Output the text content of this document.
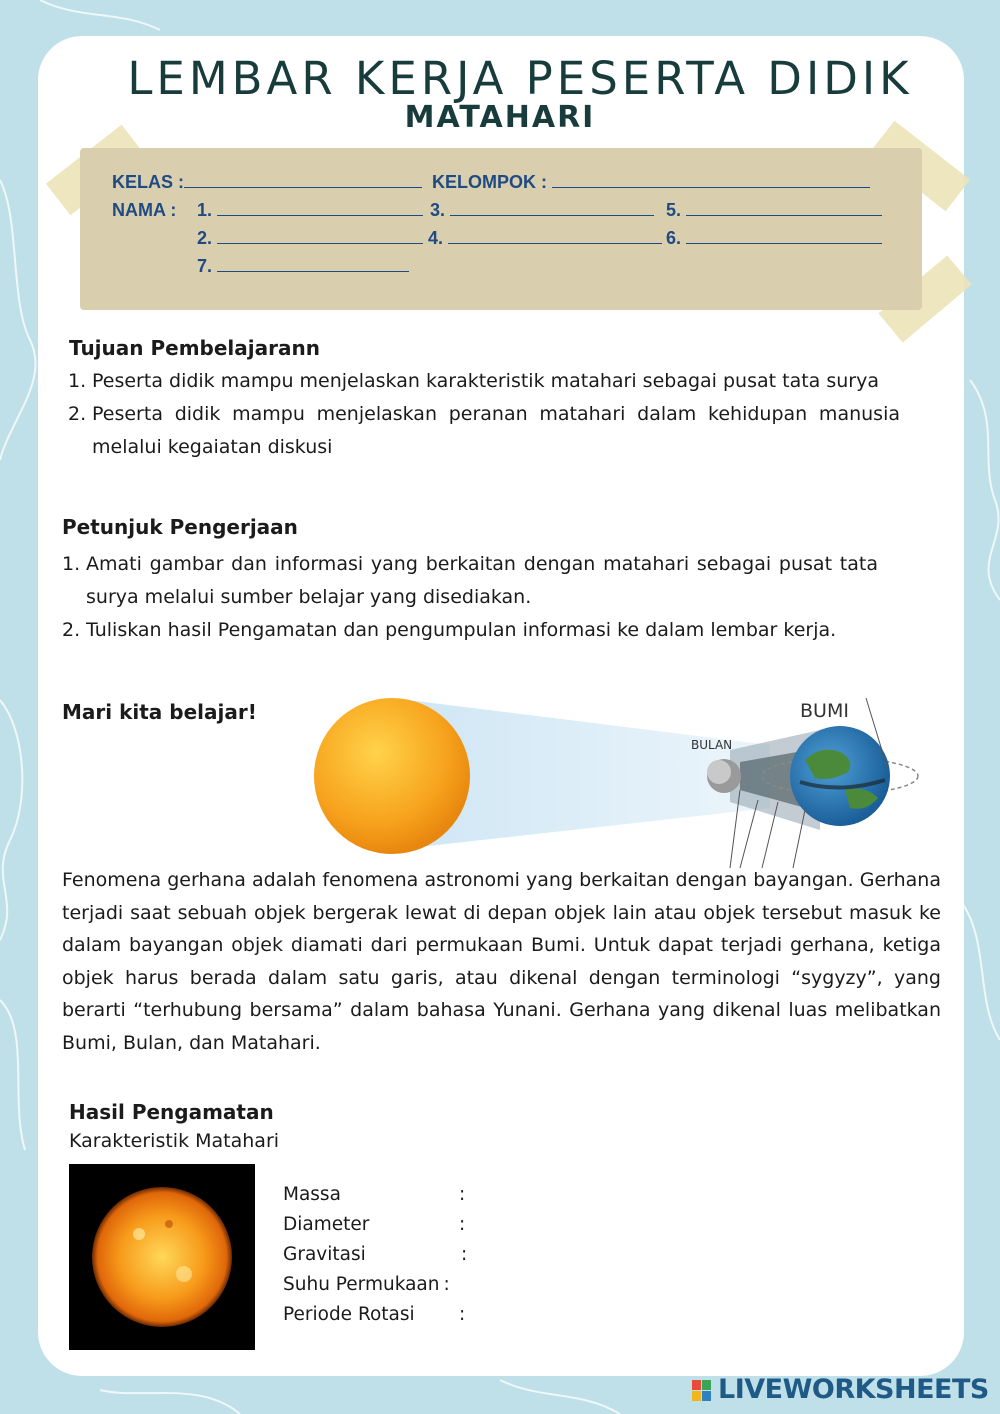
LEMBAR KERJA PESERTA DIDIK
MATAHARI
KELAS :	KELOMPOK :
NAMA : 1.	3.	5.
2.	4.	6.
7.
Tujuan Pembelajarann
1. Peserta didik mampu menjelaskan karakteristik matahari sebagai pusat tata surya
2. Peserta didik mampu menjelaskan peranan matahari dalam kehidupan manusia melalui kegaiatan diskusi
Petunjuk Pengerjaan
1. Amati gambar dan informasi yang berkaitan dengan matahari sebagai pusat tata surya melalui sumber belajar yang disediakan.
2. Tuliskan hasil Pengamatan dan pengumpulan informasi ke dalam lembar kerja.
Mari kita belajar!	BUMI
BULAN
Fenomena gerhana adalah fenomena astronomi yang berkaitan dengan bayangan. Gerhana terjadi saat sebuah objek bergerak lewat di depan objek lain atau objek tersebut masuk ke dalam bayangan objek diamati dari permukaan Bumi. Untuk dapat terjadi gerhana, ketiga objek harus berada dalam satu garis, atau dikenal dengan terminologi “sygyzy”, yang berarti “terhubung bersama” dalam bahasa Yunani. Gerhana yang dikenal luas melibatkan Bumi, Bulan, dan Matahari.
Hasil Pengamatan
Karakteristik Matahari
Massa	:
Diameter	:
Gravitasi	:
Suhu Permukaan :
Periode Rotasi :
LIVEWORKSHEETS
